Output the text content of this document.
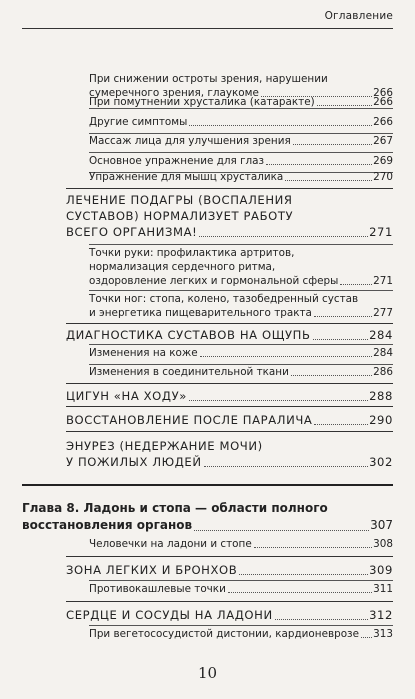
Оглавление
При снижении остроты зрения, нарушении
сумеречного зрения, глаукоме	266
При помутнении хрусталика (катаракте)	266
Другие симптомы	266
Массаж лица для улучшения зрения	267
Основное упражнение для глаз	269
Упражнение для мышц хрусталика	270
ЛЕЧЕНИЕ ПОДАГРЫ (ВОСПАЛЕНИЯ
СУСТАВОВ) НОРМАЛИЗУЕТ РАБОТУ
ВСЕГО ОРГАНИЗМА!	271
Точки руки: профилактика артритов,
нормализация сердечного ритма,
оздоровление легких и гормональной сферы	271
Точки ног: стопа, колено, тазобедренный сустав
и энергетика пищеварительного тракта	277
ДИАГНОСТИКА СУСТАВОВ НА ОЩУПЬ	284
Изменения на коже	284
Изменения в соединительной ткани	286
ЦИГУН «НА ХОДУ»	288
ВОССТАНОВЛЕНИЕ ПОСЛЕ ПАРАЛИЧА	290
ЭНУРЕЗ (НЕДЕРЖАНИЕ МОЧИ)
У ПОЖИЛЫХ ЛЮДЕЙ	302
Глава 8. Ладонь и стопа — области полного
восстановления органов	307
Человечки на ладони и стопе	308
ЗОНА ЛЕГКИХ И БРОНХОВ	309
Противокашлевые точки	311
СЕРДЦЕ И СОСУДЫ НА ЛАДОНИ	312
При вегетососудистой дистонии, кардионеврозе 313
10
